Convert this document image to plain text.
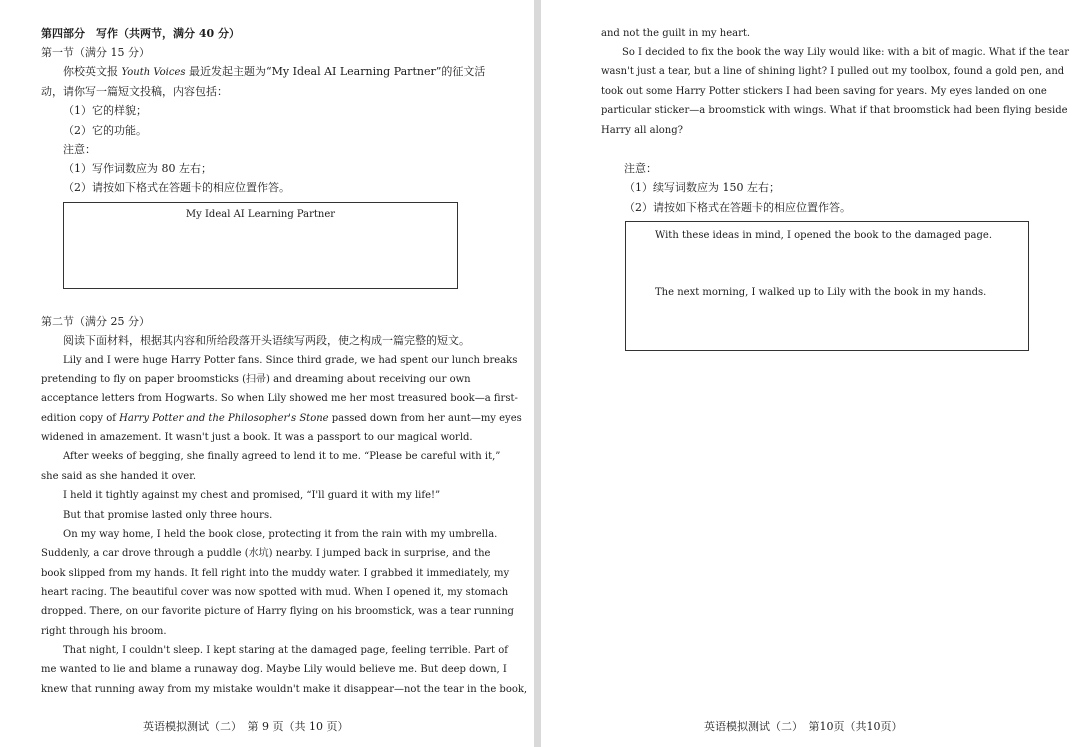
第四部分　写作（共两节，满分 40 分）

第一节（满分 15 分）

你校英文报 Youth Voices 最近发起主题为“My Ideal AI Learning Partner”的征文活

动，请你写一篇短文投稿，内容包括：

（1）它的样貌；

（2）它的功能。

注意：

（1）写作词数应为 80 左右；

（2）请按如下格式在答题卡的相应位置作答。

My Ideal AI Learning Partner

第二节（满分 25 分）

阅读下面材料，根据其内容和所给段落开头语续写两段，使之构成一篇完整的短文。

Lily and I were huge Harry Potter fans. Since third grade, we had spent our lunch breaks

pretending to fly on paper broomsticks (扫帚) and dreaming about receiving our own

acceptance letters from Hogwarts. So when Lily showed me her most treasured book—a first-

edition copy of Harry Potter and the Philosopher's Stone passed down from her aunt—my eyes

widened in amazement. It wasn't just a book. It was a passport to our magical world.

After weeks of begging, she finally agreed to lend it to me. “Please be careful with it,”

she said as she handed it over.

I held it tightly against my chest and promised, “I'll guard it with my life!”

But that promise lasted only three hours.

On my way home, I held the book close, protecting it from the rain with my umbrella.

Suddenly, a car drove through a puddle (水坑) nearby. I jumped back in surprise, and the

book slipped from my hands. It fell right into the muddy water. I grabbed it immediately, my

heart racing. The beautiful cover was now spotted with mud. When I opened it, my stomach

dropped. There, on our favorite picture of Harry flying on his broomstick, was a tear running

right through his broom.

That night, I couldn't sleep. I kept staring at the damaged page, feeling terrible. Part of

me wanted to lie and blame a runaway dog. Maybe Lily would believe me. But deep down, I

knew that running away from my mistake wouldn't make it disappear—not the tear in the book,

英语模拟测试（二）　第 9 页（共 10 页）

and not the guilt in my heart.

So I decided to fix the book the way Lily would like: with a bit of magic. What if the tear

wasn't just a tear, but a line of shining light? I pulled out my toolbox, found a gold pen, and

took out some Harry Potter stickers I had been saving for years. My eyes landed on one

particular sticker—a broomstick with wings. What if that broomstick had been flying beside

Harry all along?

注意：

（1）续写词数应为 150 左右；

（2）请按如下格式在答题卡的相应位置作答。

With these ideas in mind, I opened the book to the damaged page.

The next morning, I walked up to Lily with the book in my hands.

英语模拟测试（二）　第10页（共10页）
